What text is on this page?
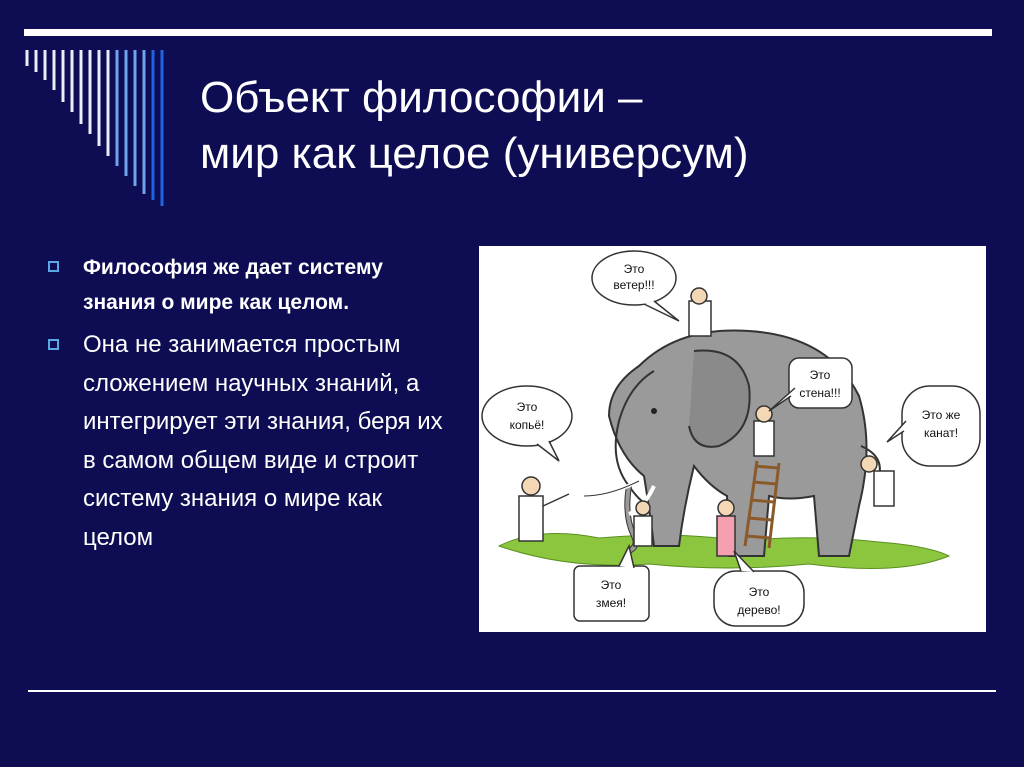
Объект философии –
мир как целое (универсум)
Философия же дает систему знания о мире как целом.
Она не занимается простым сложением научных знаний, а интегрирует эти знания, беря их в самом общем виде и строит систему знания о мире как целом
Это
ветер!!!
Это
стена!!!
Это
копьё!
Это же
канат!
Это
змея!
Это
дерево!
